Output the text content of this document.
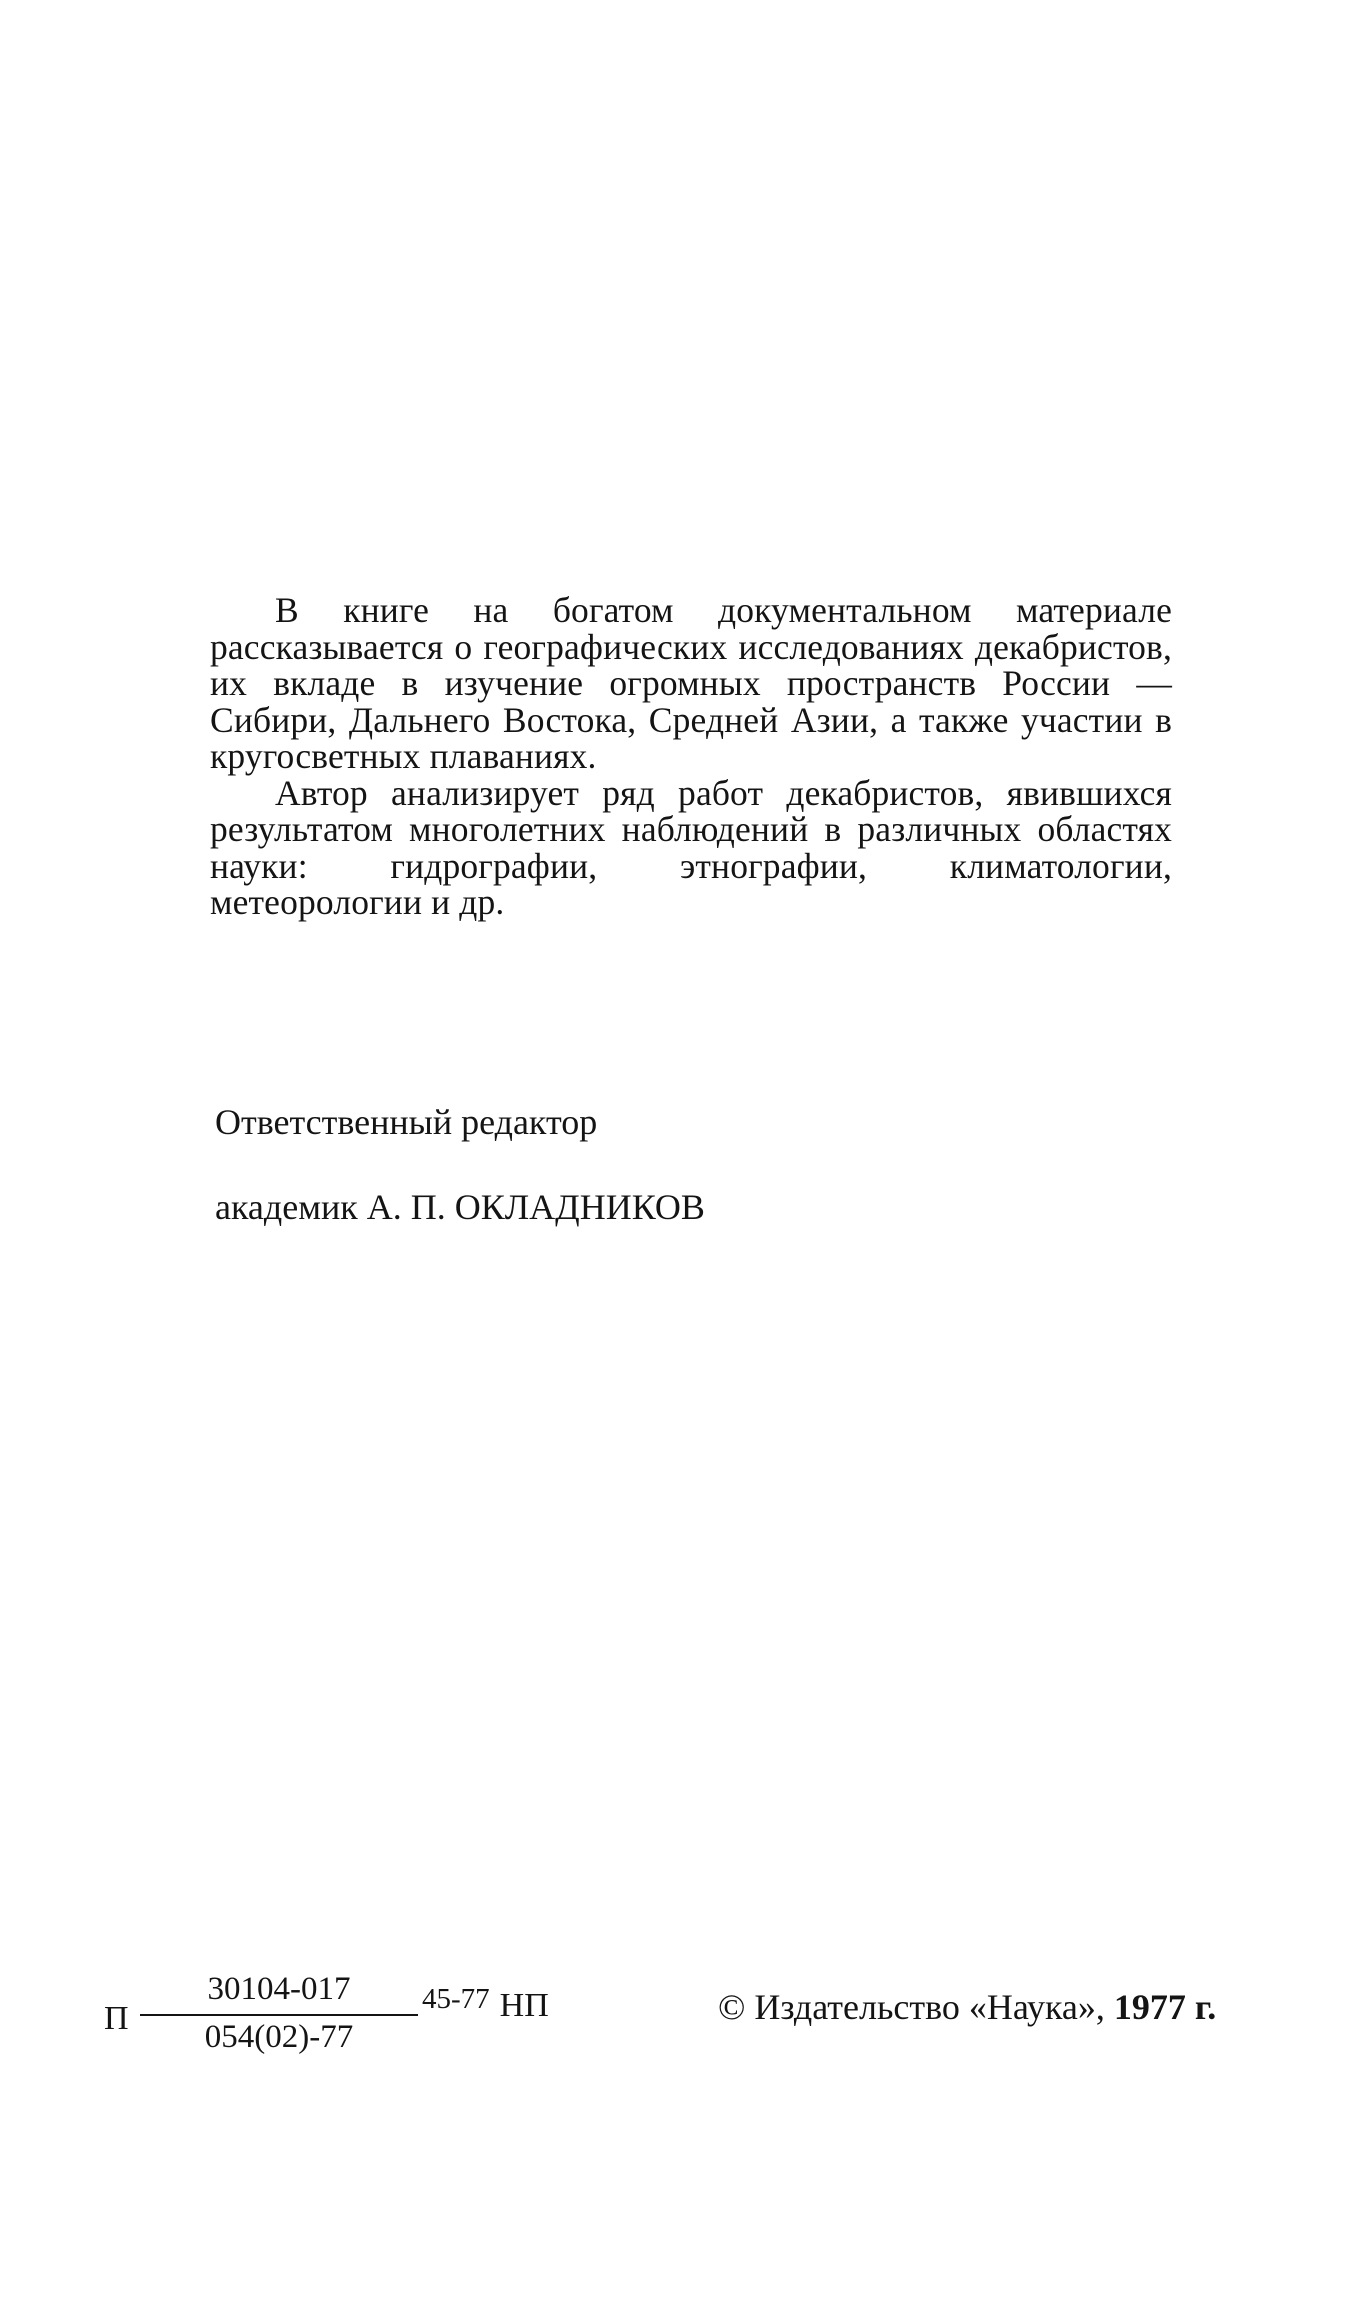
В книге на богатом документальном материале рассказывается о географических исследованиях декабристов, их вкладе в изучение огромных пространств России — Сибири, Дальнего Востока, Средней Азии, а также участии в кругосветных плаваниях.

Автор анализирует ряд работ декабристов, явившихся результатом многолетних наблюдений в различных областях науки: гидрографии, этнографии, климатологии, метеорологии и др.

Ответственный редактор

академик А. П. ОКЛАДНИКОВ

П
30104-017
054(02)-77
45-77 НП	© Издательство «Наука», 1977 г.
